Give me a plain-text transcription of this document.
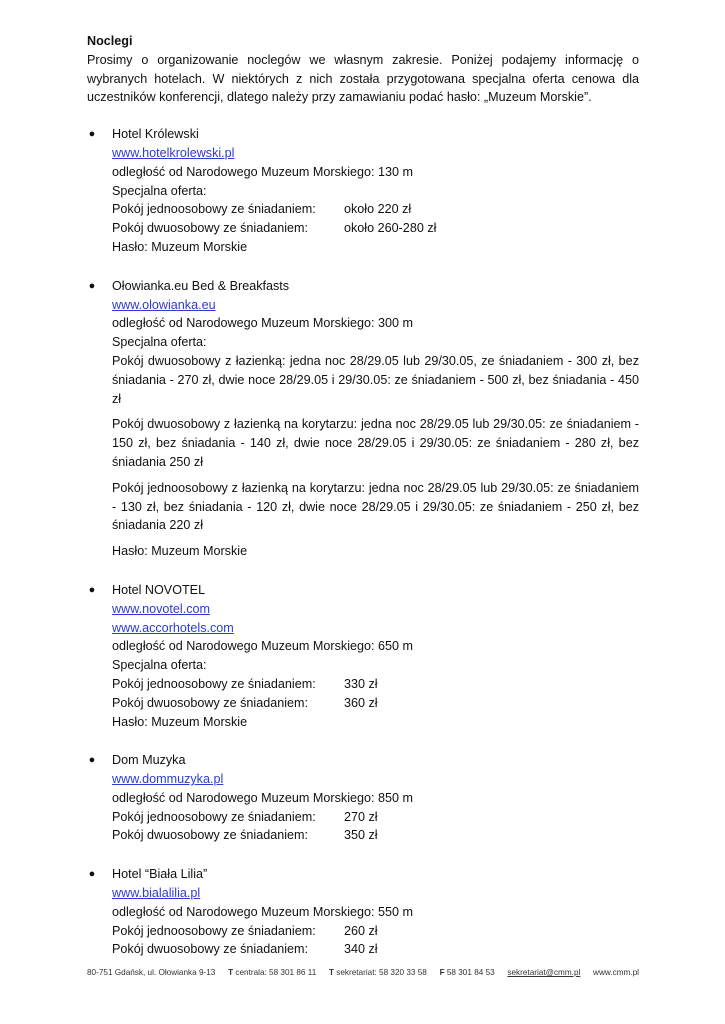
Noclegi
Prosimy o organizowanie noclegów we własnym zakresie. Poniżej podajemy informację o wybranych hotelach. W niektórych z nich została przygotowana specjalna oferta cenowa dla uczestników konferencji, dlatego należy przy zamawianiu podać hasło: „Muzeum Morskie”.
● Hotel Królewski
www.hotelkrolewski.pl
odległość od Narodowego Muzeum Morskiego: 130 m
Specjalna oferta:
Pokój jednoosobowy ze śniadaniem:	około 220 zł
Pokój dwuosobowy ze śniadaniem:	około 260-280 zł
Hasło: Muzeum Morskie
● Ołowianka.eu Bed & Breakfasts
www.olowianka.eu
odległość od Narodowego Muzeum Morskiego: 300 m
Specjalna oferta:
Pokój dwuosobowy z łazienką: jedna noc 28/29.05 lub 29/30.05, ze śniadaniem - 300 zł, bez śniadania - 270 zł, dwie noce 28/29.05 i 29/30.05: ze śniadaniem - 500 zł, bez śniadania - 450 zł
Pokój dwuosobowy z łazienką na korytarzu: jedna noc 28/29.05 lub 29/30.05: ze śniadaniem - 150 zł, bez śniadania - 140 zł, dwie noce 28/29.05 i 29/30.05: ze śniadaniem - 280 zł, bez śniadania 250 zł
Pokój jednoosobowy z łazienką na korytarzu: jedna noc 28/29.05 lub 29/30.05: ze śniadaniem - 130 zł, bez śniadania - 120 zł, dwie noce 28/29.05 i 29/30.05: ze śniadaniem - 250 zł, bez śniadania 220 zł
Hasło: Muzeum Morskie
● Hotel NOVOTEL
www.novotel.com
www.accorhotels.com
odległość od Narodowego Muzeum Morskiego: 650 m
Specjalna oferta:
Pokój jednoosobowy ze śniadaniem:	330 zł
Pokój dwuosobowy ze śniadaniem:	360 zł
Hasło: Muzeum Morskie
● Dom Muzyka
www.dommuzyka.pl
odległość od Narodowego Muzeum Morskiego: 850 m
Pokój jednoosobowy ze śniadaniem:	270 zł
Pokój dwuosobowy ze śniadaniem:	350 zł
● Hotel “Biała Lilia”
www.bialalilia.pl
odległość od Narodowego Muzeum Morskiego: 550 m
Pokój jednoosobowy ze śniadaniem:	260 zł
Pokój dwuosobowy ze śniadaniem:	340 zł
80-751 Gdańsk, ul. Ołowianka 9-13 T centrala: 58 301 86 11 T sekretariat: 58 320 33 58 F 58 301 84 53 sekretariat@cmm.pl www.cmm.pl
